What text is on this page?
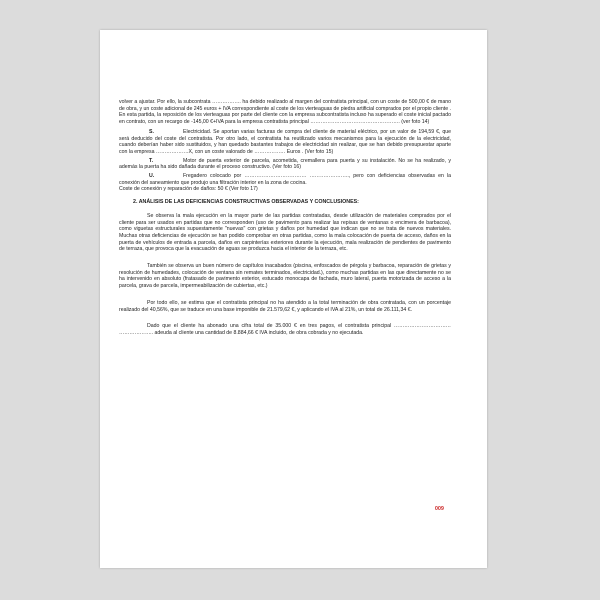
volver a ajustar. Por ello, la subcontrata …………….. ha debido realizado al margen del contratista principal, con un coste de 500,00 € de mano de obra, y un coste adicional de 245 euros + IVA correspondiente al coste de los vierteaguas de piedra artificial comprados por el propio cliente . En esta partida, la reposición de los vierteaguas por parte del cliente con la empresa subcontratista incluso ha superado el coste inicial pactado en contrato, con un recargo de -145,00 €+IVA para la empresa contratista principal ……………………………………………. (ver foto 14)

S.	Electricidad. Se aportan varias facturas de compra del cliente de material eléctrico, por un valor de 194,59 €, que será deducido del coste del contratista. Por otro lado, el contratista ha reutilizado varios mecanismos para la ejecución de la electricidad, cuando deberían haber sido sustituidos, y han quedado bastantes trabajos de electricidad sin realizar, que se han debido presupuestar aparte con la empresa ……………….X, con un coste valorado de ……………… Euros . (Ver foto 15)

T.	Motor de puerta exterior de parcela, acometida, cremallera para puerta y su instalación. No se ha realizado, y además la puerta ha sido dañada durante el proceso constructivo. (Ver foto 16)

U.	Fregadero colocado por ……………………………… ………………….., pero con deficiencias observadas en la conexión del saneamiento que produjo una filtración interior en la zona de cocina.
Coste de conexión y reparación de daños: 50 € (Ver foto 17)

2. ANÁLISIS DE LAS DEFICIENCIAS CONSTRUCTIVAS OBSERVADAS Y CONCLUSIONES:

Se observa la mala ejecución en la mayor parte de las partidas contratadas, desde utilización de materiales comprados por el cliente para ser usados en partidas que no corresponden (uso de pavimento para realizar las repisas de ventanas o encimera de barbacoa), como viguetas estructurales supuestamente "nuevas" con grietas y daños por humedad que indican que no se trata de nuevos materiales. Muchas otras deficiencias de ejecución se han podido comprobar en otras partidas, como la mala colocación de puerta de acceso, daños en la puerta de vehículos de entrada a parcela, daños en carpinterías exteriores durante la ejecución, mala realización de pendientes de pavimento de terraza, que provoca que la evacuación de aguas se produzca hacia el interior de la terraza, etc.

También se observa un buen número de capítulos inacabados (piscina, enfoscados de pérgola y barbacoa, reparación de grietas y resolución de humedades, colocación de ventana sin remates terminados, electricidad.), como muchas partidas en las que directamente no se ha intervenido en absoluto (fratasado de pavimento exterior, estucado monocapa de fachada, muro lateral, puerta motorizada de acceso a la parcela, grava de parcela, impermeabilización de cubiertas, etc.)

Por todo ello, se estima que el contratista principal no ha atendido a la total terminación de obra contratada, con un porcentaje realizado del 40,56%, que se traduce en una base imponible de 21.579,62 €, y aplicando el IVA al 21%, un total de 26.111,34 €.

Dado que el cliente ha abonado una cifra total de 35.000 € en tres pagos, el contratista principal …………………………… ……………….. adeuda al cliente una cantidad de 8.884,66 € IVA incluido, de obra cobrada y no ejecutada.

009
